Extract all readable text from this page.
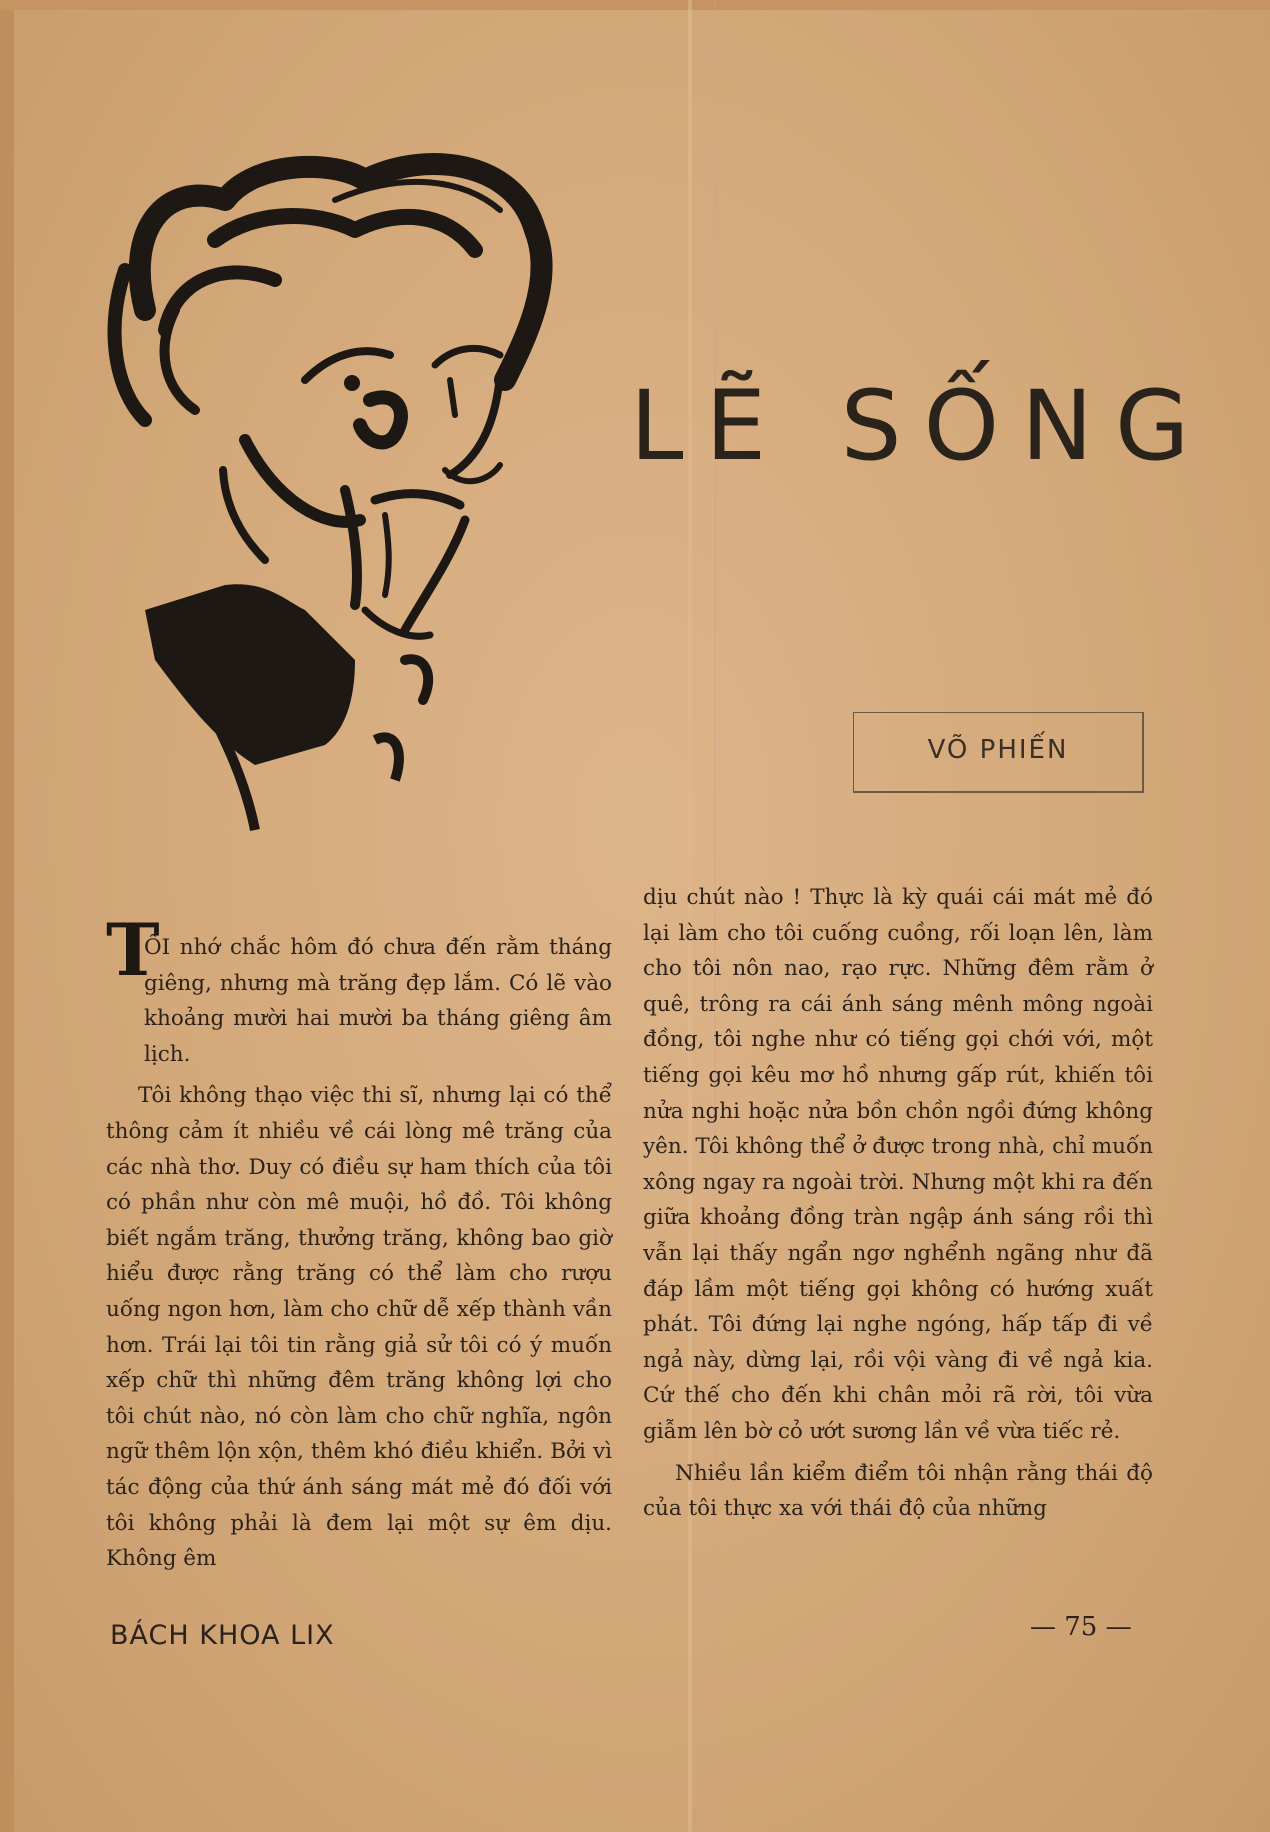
LẼ SỐNG
VÕ PHIẾN
T

ÔI nhớ chắc hôm đó chưa đến rằm tháng giêng, nhưng mà trăng đẹp lắm. Có lẽ vào khoảng mười hai mười ba tháng giêng âm lịch.

Tôi không thạo việc thi sĩ, nhưng lại có thể thông cảm ít nhiều về cái lòng mê trăng của các nhà thơ. Duy có điều sự ham thích của tôi có phần như còn mê muội, hồ đồ. Tôi không biết ngắm trăng, thưởng trăng, không bao giờ hiểu được rằng trăng có thể làm cho rượu uống ngon hơn, làm cho chữ dễ xếp thành vần hơn. Trái lại tôi tin rằng giả sử tôi có ý muốn xếp chữ thì những đêm trăng không lợi cho tôi chút nào, nó còn làm cho chữ nghĩa, ngôn ngữ thêm lộn xộn, thêm khó điều khiển. Bởi vì tác động của thứ ánh sáng mát mẻ đó đối với tôi không phải là đem lại một sự êm dịu. Không êm

dịu chút nào ! Thực là kỳ quái cái mát mẻ đó lại làm cho tôi cuống cuồng, rối loạn lên, làm cho tôi nôn nao, rạo rực. Những đêm rằm ở quê, trông ra cái ánh sáng mênh mông ngoài đồng, tôi nghe như có tiếng gọi chới với, một tiếng gọi kêu mơ hồ nhưng gấp rút, khiến tôi nửa nghi hoặc nửa bồn chồn ngồi đứng không yên. Tôi không thể ở được trong nhà, chỉ muốn xông ngay ra ngoài trời. Nhưng một khi ra đến giữa khoảng đồng tràn ngập ánh sáng rồi thì vẫn lại thấy ngẩn ngơ nghểnh ngãng như đã đáp lầm một tiếng gọi không có hướng xuất phát. Tôi đứng lại nghe ngóng, hấp tấp đi về ngả này, dừng lại, rồi vội vàng đi về ngả kia. Cứ thế cho đến khi chân mỏi rã rời, tôi vừa giẫm lên bờ cỏ ướt sương lần về vừa tiếc rẻ.

Nhiều lần kiểm điểm tôi nhận rằng thái độ của tôi thực xa với thái độ của những

BÁCH KHOA LIX	— 75 —
